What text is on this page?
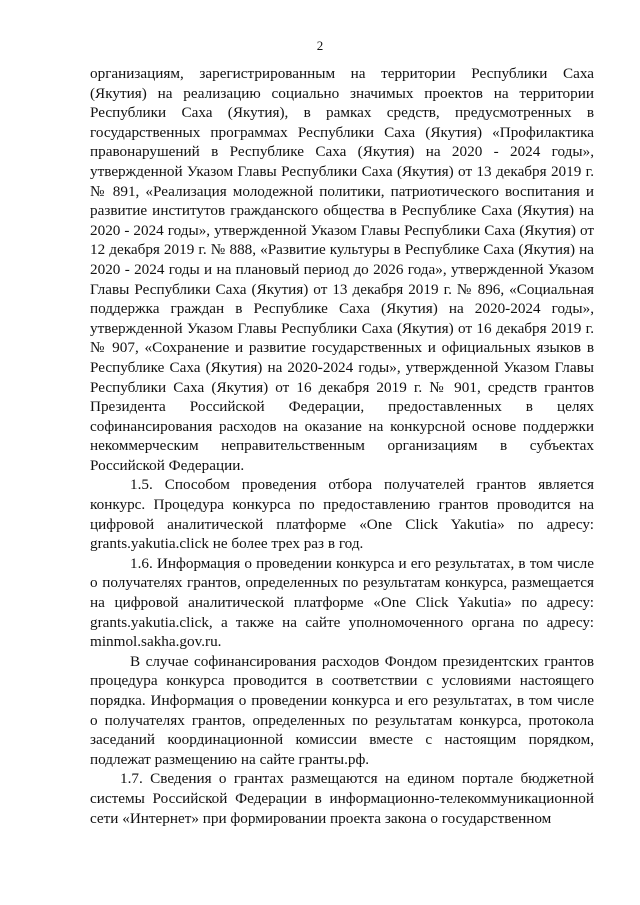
2

организациям, зарегистрированным на территории Республики Саха (Якутия) на реализацию социально значимых проектов на территории Республики Саха (Якутия), в рамках средств, предусмотренных в государственных программах Республики Саха (Якутия) «Профилактика правонарушений в Республике Саха (Якутия) на 2020 - 2024 годы», утвержденной Указом Главы Республики Саха (Якутия) от 13 декабря 2019 г. № 891, «Реализация молодежной политики, патриотического воспитания и развитие институтов гражданского общества в Республике Саха (Якутия) на 2020 - 2024 годы», утвержденной Указом Главы Республики Саха (Якутия) от 12 декабря 2019 г. № 888, «Развитие культуры в Республике Саха (Якутия) на 2020 - 2024 годы и на плановый период до 2026 года», утвержденной Указом Главы Республики Саха (Якутия) от 13 декабря 2019 г. № 896, «Социальная поддержка граждан в Республике Саха (Якутия) на 2020-2024 годы», утвержденной Указом Главы Республики Саха (Якутия) от 16 декабря 2019 г. № 907, «Сохранение и развитие государственных и официальных языков в Республике Саха (Якутия) на 2020-2024 годы», утвержденной Указом Главы Республики Саха (Якутия) от 16 декабря 2019 г. № 901, средств грантов Президента Российской Федерации, предоставленных в целях софинансирования расходов на оказание на конкурсной основе поддержки некоммерческим неправительственным организациям в субъектах Российской Федерации.

1.5. Способом проведения отбора получателей грантов является конкурс. Процедура конкурса по предоставлению грантов проводится на цифровой аналитической платформе «One Click Yakutia» по адресу: grants.yakutia.click не более трех раз в год.

1.6. Информация о проведении конкурса и его результатах, в том числе о получателях грантов, определенных по результатам конкурса, размещается на цифровой аналитической платформе «One Click Yakutia» по адресу: grants.yakutia.click, а также на сайте уполномоченного органа по адресу: minmol.sakha.gov.ru.

В случае софинансирования расходов Фондом президентских грантов процедура конкурса проводится в соответствии с условиями настоящего порядка. Информация о проведении конкурса и его результатах, в том числе о получателях грантов, определенных по результатам конкурса, протокола заседаний координационной комиссии вместе с настоящим порядком, подлежат размещению на сайте гранты.рф.

1.7. Сведения о грантах размещаются на едином портале бюджетной системы Российской Федерации в информационно-телекоммуникационной сети «Интернет» при формировании проекта закона о государственном
